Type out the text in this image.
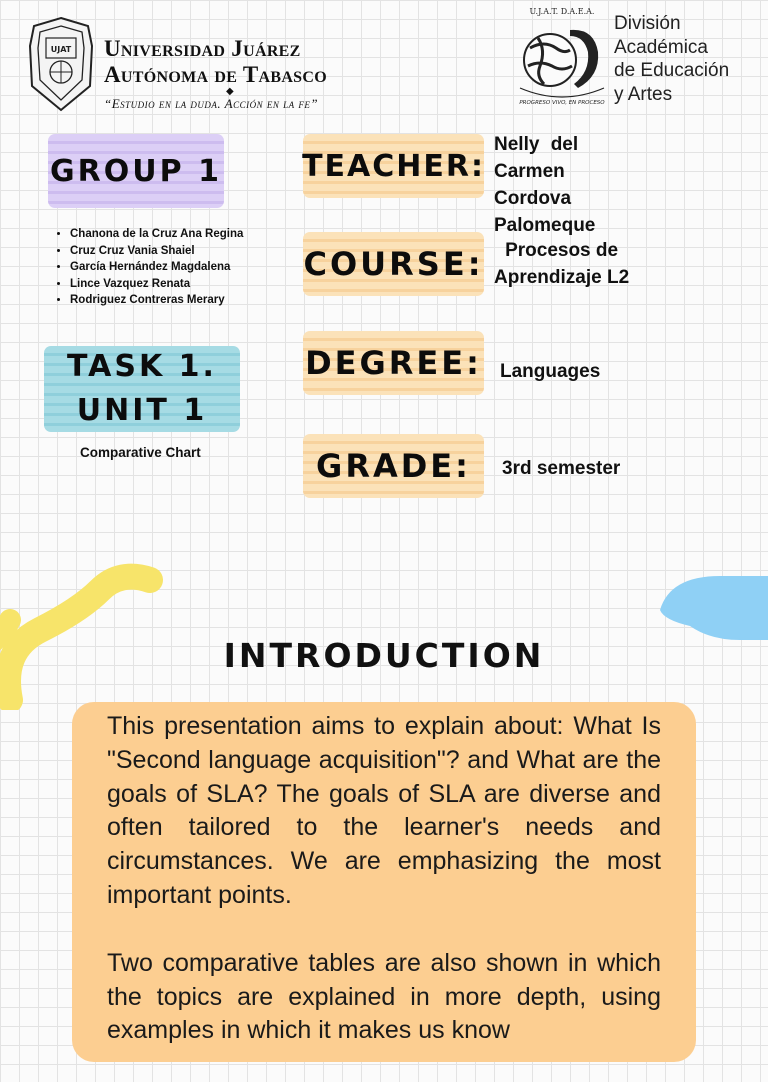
UJAT Universidad Juárez
Autónoma de Tabasco
◆
“Estudio en la duda. Acción en la fe”
U.J.A.T. D.A.E.A.
PROGRESO VIVO, EN PROCESO
División
Académica
de Educación
y Artes
GROUP 1
• Chanona de la Cruz Ana Regina
• Cruz Cruz Vania Shaiel
• García Hernández Magdalena
• Lince Vazquez Renata
• Rodriguez Contreras Merary
TASK 1.
UNIT 1
Comparative Chart
TEACHER:
Nelly del Carmen
Cordova
Palomeque
COURSE:	Procesos de
Aprendizaje L2
DEGREE: Languages
GRADE:	3rd semester
INTRODUCTION

This presentation aims to explain about: What Is "Second language acquisition"? and What are the goals of SLA? The goals of SLA are diverse and often tailored to the learner's needs and circumstances. We are emphasizing the most important points.

Two comparative tables are also shown in which the topics are explained in more depth, using examples in which it makes us know
